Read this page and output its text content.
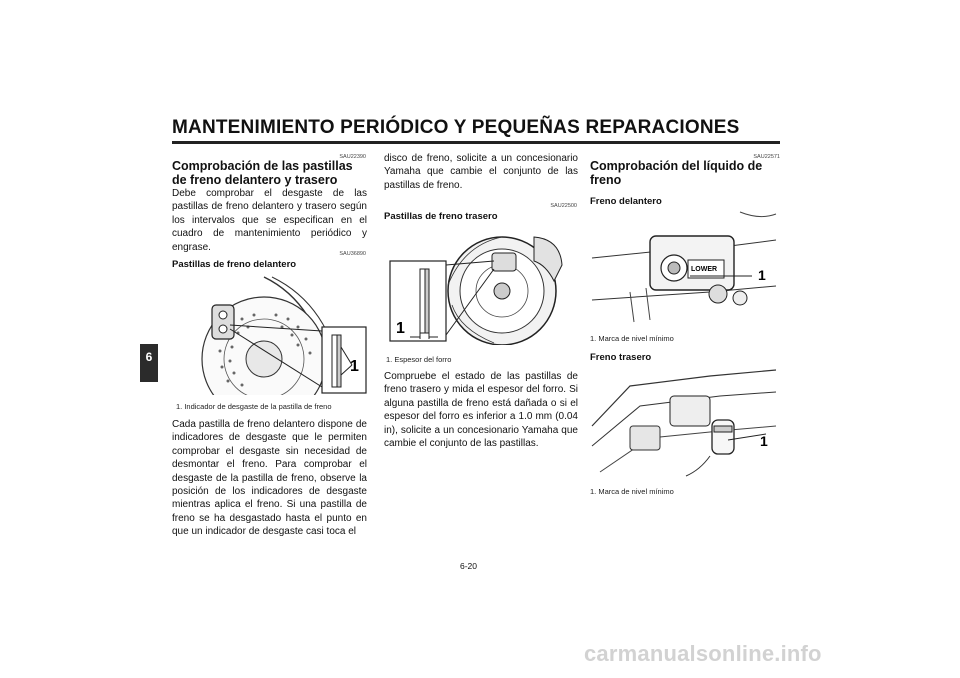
MANTENIMIENTO PERIÓDICO Y PEQUEÑAS REPARACIONES
6
SAU22390
Comprobación de las pastillas de freno delantero y trasero
Debe comprobar el desgaste de las pastillas de freno delantero y trasero según los intervalos que se especifican en el cuadro de mantenimiento periódico y engrase.
SAU36890
Pastillas de freno delantero
1
1. Indicador de desgaste de la pastilla de freno
Cada pastilla de freno delantero dispone de indicadores de desgaste que le permiten comprobar el desgaste sin necesidad de desmontar el freno. Para comprobar el desgaste de la pastilla de freno, observe la posición de los indicadores de desgaste mientras aplica el freno. Si una pastilla de freno se ha desgastado hasta el punto en que un indicador de desgaste casi toca el
disco de freno, solicite a un concesionario Yamaha que cambie el conjunto de las pastillas de freno.
SAU22500
Pastillas de freno trasero
1
1. Espesor del forro
Compruebe el estado de las pastillas de freno trasero y mida el espesor del forro. Si alguna pastilla de freno está dañada o si el espesor del forro es inferior a 1.0 mm (0.04 in), solicite a un concesionario Yamaha que cambie el conjunto de las pastillas.
SAU22571
Comprobación del líquido de freno
Freno delantero
LOWER	1
1. Marca de nivel mínimo
Freno trasero
1
1. Marca de nivel mínimo
6-20
carmanualsonline.info
